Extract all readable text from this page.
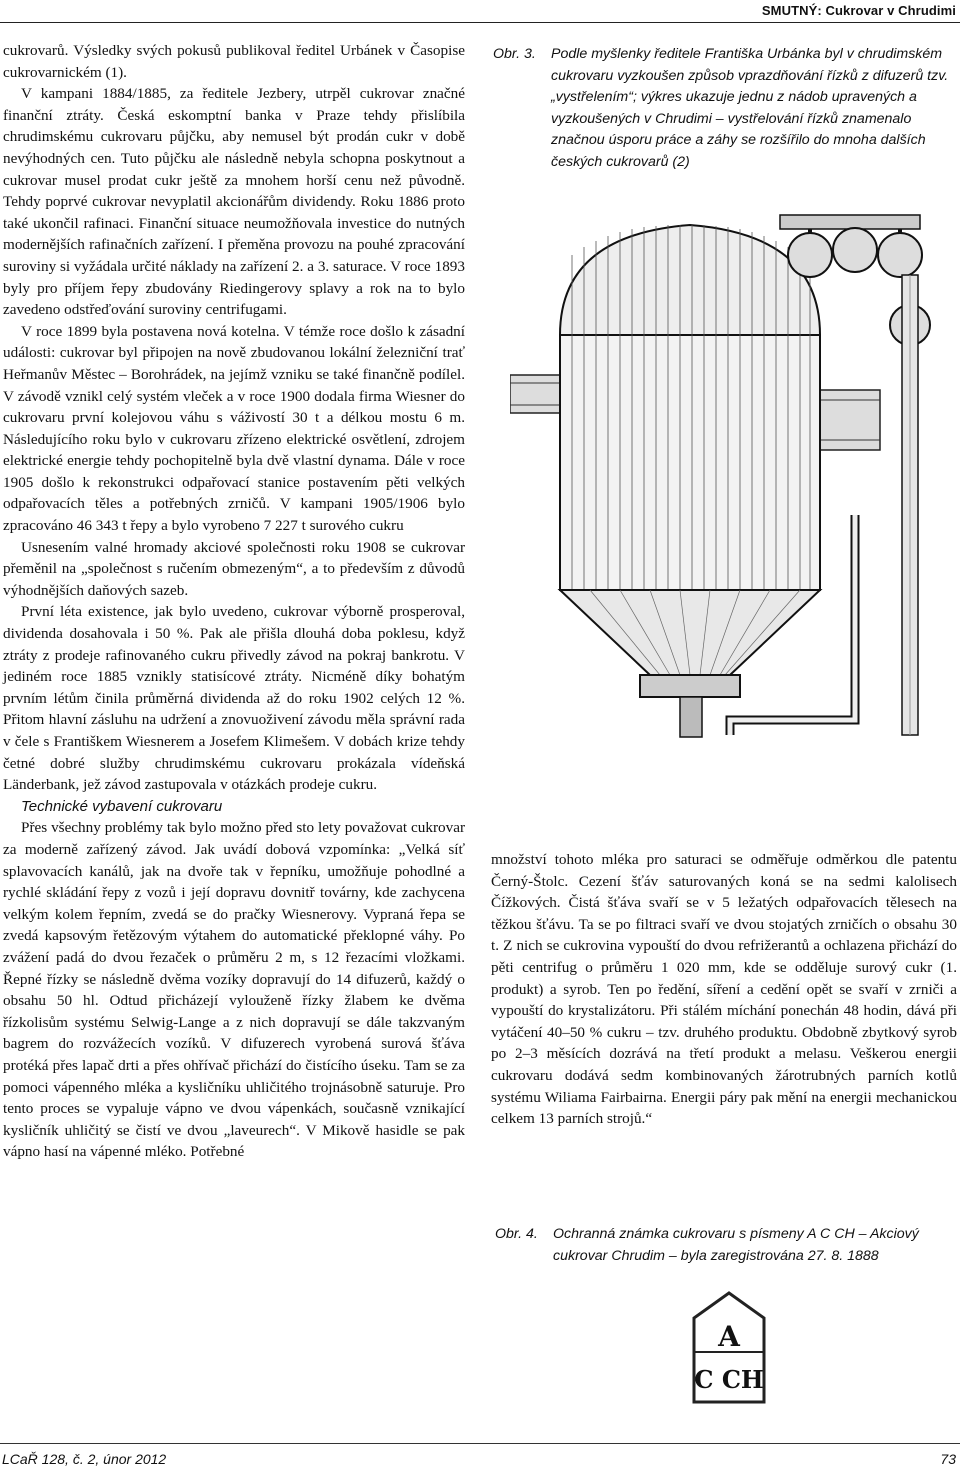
SMUTNÝ: Cukrovar v Chrudimi

cukrovarů. Výsledky svých pokusů publikoval ředitel Urbánek v Časopise cukrovarnickém (1).

V kampani 1884/1885, za ředitele Jezbery, utrpěl cukrovar značné finanční ztráty. Česká eskomptní banka v Praze tehdy přislíbila chrudimskému cukrovaru půjčku, aby nemusel být prodán cukr v době nevýhodných cen. Tuto půjčku ale následně nebyla schopna poskytnout a cukrovar musel prodat cukr ještě za mnohem horší cenu než původně. Tehdy poprvé cukrovar nevyplatil akcionářům dividendy. Roku 1886 proto také ukončil rafinaci. Finanční situace neumožňovala investice do nutných modernějších rafinačních zařízení. I přeměna provozu na pouhé zpracování suroviny si vyžádala určité náklady na zařízení 2. a 3. saturace. V roce 1893 byly pro příjem řepy zbudovány Riedingerovy splavy a rok na to bylo zavedeno odstřeďování suroviny centrifugami.

V roce 1899 byla postavena nová kotelna. V témže roce došlo k zásadní události: cukrovar byl připojen na nově zbudovanou lokální železniční trať Heřmanův Městec – Borohrádek, na jejímž vzniku se také finančně podílel. V závodě vznikl celý systém vleček a v roce 1900 dodala firma Wiesner do cukrovaru první kolejovou váhu s váživostí 30 t a délkou mostu 6 m. Následujícího roku bylo v cukrovaru zřízeno elektrické osvětlení, zdrojem elektrické energie tehdy pochopitelně byla dvě vlastní dynama. Dále v roce 1905 došlo k rekonstrukci odpařovací stanice postavením pěti velkých odpařovacích těles a potřebných zrničů. V kampani 1905/1906 bylo zpracováno 46 343 t řepy a bylo vyrobeno 7 227 t surového cukru

Usnesením valné hromady akciové společnosti roku 1908 se cukrovar přeměnil na „společnost s ručením obmezeným“, a to především z důvodů výhodnějších daňových sazeb.

První léta existence, jak bylo uvedeno, cukrovar výborně prosperoval, dividenda dosahovala i 50 %. Pak ale přišla dlouhá doba poklesu, když ztráty z prodeje rafinovaného cukru přivedly závod na pokraj bankrotu. V jediném roce 1885 vznikly statisícové ztráty. Nicméně díky bohatým prvním létům činila průměrná dividenda až do roku 1902 celých 12 %. Přitom hlavní zásluhu na udržení a znovuoživení závodu měla správní rada v čele s Františkem Wiesnerem a Josefem Klimešem. V dobách krize tehdy četné dobré služby chrudimskému cukrovaru prokázala vídeňská Länderbank, jež závod zastupovala v otázkách prodeje cukru.

Technické vybavení cukrovaru

Přes všechny problémy tak bylo možno před sto lety považovat cukrovar za moderně zařízený závod. Jak uvádí dobová vzpomínka: „Velká síť splavovacích kanálů, jak na dvoře tak v řepníku, umožňuje pohodlné a rychlé skládání řepy z vozů i její dopravu dovnitř továrny, kde zachycena velkým kolem řepním, zvedá se do pračky Wiesnerovy. Vypraná řepa se zvedá kapsovým řetězovým výtahem do automatické překlopné váhy. Po zvážení padá do dvou řezaček o průměru 2 m, s 12 řezacími vložkami. Řepné řízky se následně dvěma vozíky dopravují do 14 difuzerů, každý o obsahu 50 hl. Odtud přicházejí vylouženě řízky žlabem ke dvěma řízkolisům systému Selwig-Lange a z nich dopravují se dále takzvaným bagrem do rozvážecích vozíků. V difuzerech vyrobená surová šťáva protéká přes lapač drti a přes ohřívač přichází do čistícího úseku. Tam se za pomoci vápenného mléka a kysličníku uhličitého trojnásobně saturuje. Pro tento proces se vypaluje vápno ve dvou vápenkách, současně vznikající kysličník uhličitý se čistí ve dvou „laveurech“. V Mikově hasidle se pak vápno hasí na vápenné mléko. Potřebné

Obr. 3.	Podle myšlenky ředitele Františka Urbánka byl v chrudimském cukrovaru vyzkoušen způsob vprazdňování řízků z difuzerů tzv. „vystřelením“; výkres ukazuje jednu z nádob upravených a vyzkoušených v Chrudimi – vystřelování řízků znamenalo značnou úsporu práce a záhy se rozšířilo do mnoha dalších českých cukrovarů (2)

množství tohoto mléka pro saturaci se odměřuje odměrkou dle patentu Černý-Štolc. Cezení šťáv saturovaných koná se na sedmi kalolisech Čížkových. Čistá šťáva svaří se v 5 ležatých odpařovacích tělesech na těžkou šťávu. Ta se po filtraci svaří ve dvou stojatých zrničích o obsahu 30 t. Z nich se cukrovina vypouští do dvou refrižerantů a ochlazena přichází do pěti centrifug o průměru 1 020 mm, kde se odděluje surový cukr (1. produkt) a syrob. Ten po ředění, síření a cedění opět se svaří v zrniči a vypouští do krystalizátoru. Při stálém míchání ponechán 48 hodin, dává při vytáčení 40–50 % cukru – tzv. druhého produktu. Obdobně zbytkový syrob po 2–3 měsících dozrává na třetí produkt a melasu. Veškerou energii cukrovaru dodává sedm kombinovaných žárotrubných parních kotlů systému Wiliama Fairbairna. Energii páry pak mění na energii mechanickou celkem 13 parních strojů.“

Obr. 4.	Ochranná známka cukrovaru s písmeny A C CH – Akciový cukrovar Chrudim – byla zaregistrována 27. 8. 1888
A
C CH
LCaŘ 128, č. 2, únor 2012	73
